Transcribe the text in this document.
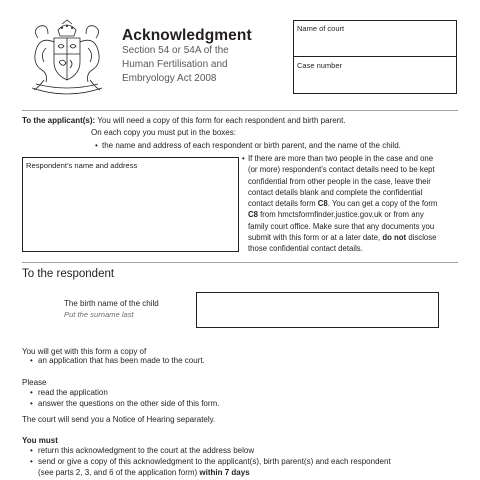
Acknowledgment
Section 54 or 54A of the
Human Fertilisation and
Embryology Act 2008
Name of court
Case number
To the applicant(s): You will need a copy of this form for each respondent and birth parent.
On each copy you must put in the boxes:
• the name and address of each respondent or birth parent, and the name of the child.
Respondent’s name and address
• If there are more than two people in the case and one
(or more) respondent’s contact details need to be kept
confidential from other people in the case, leave their
contact details blank and complete the confidential
contact details form C8. You can get a copy of the form
C8 from hmctsformfinder.justice.gov.uk or from any
family court office. Make sure that any documents you
submit with this form or at a later date, do not disclose
those confidential contact details.
To the respondent
The birth name of the child
Put the surname last
You will get with this form a copy of
• an application that has been made to the court.
Please
• read the application
• answer the questions on the other side of this form.
The court will send you a Notice of Hearing separately.
You must
• return this acknowledgment to the court at the address below
• send or give a copy of this acknowledgment to the applicant(s), birth parent(s) and each respondent
(see parts 2, 3, and 6 of the application form) within 7 days
